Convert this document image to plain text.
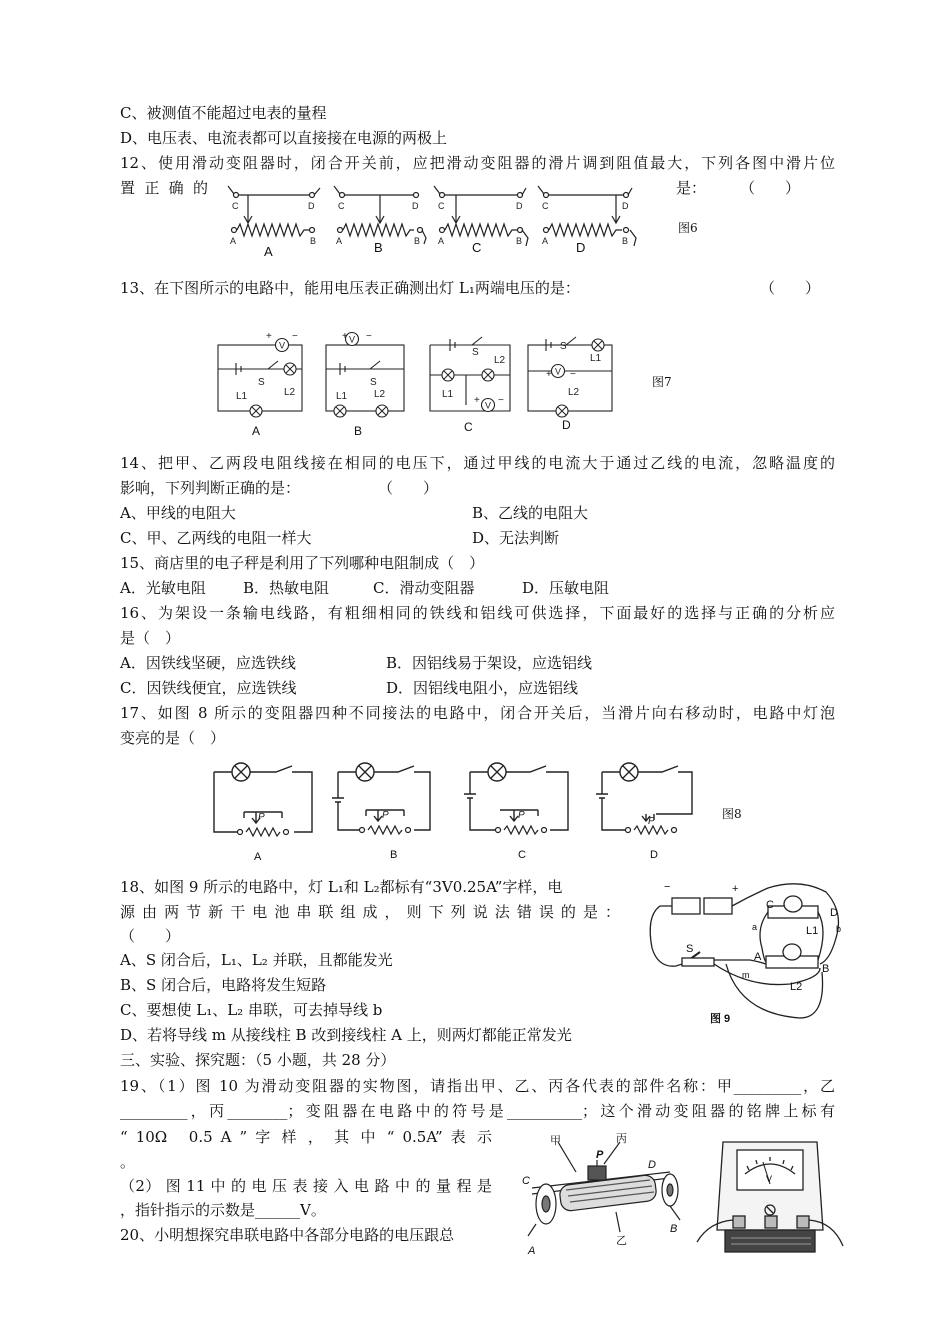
C、被测值不能超过电表的量程
D、电压表、电流表都可以直接接在电源的两极上
12、使用滑动变阻器时，闭合开关前，应把滑动变阻器的滑片调到阻值最大，下列各图中滑片位
置 正 确 的	是： （　　）
C	D
A	B
C	D
A	B
C	D
A	B
C	D
A	B
A	B	C	D
图6
13、在下图所示的电路中，能用电压表正确测出灯 L₁两端电压的是：	（　　）
V
+ −
S
L1	L2
+ −
S
L1	L2
S
L2
L1
+ −
S
L1
+ −
L2
A	B	C	D
图7
14、把甲、乙两段电阻线接在相同的电压下，通过甲线的电流大于通过乙线的电流，忽略温度的
影响，下列判断正确的是：	（　　）
A、甲线的电阻大	B、乙线的电阻大
C、甲、乙两线的电阻一样大	D、无法判断
15、商店里的电子秤是利用了下列哪种电阻制成（　）
A．光敏电阻 B．热敏电阻	C．滑动变阻器	D．压敏电阻
16、为架设一条输电线路，有粗细相同的铁线和铝线可供选择，下面最好的选择与正确的分析应
是（　）
A．因铁线坚硬，应选铁线	B．因铝线易于架设，应选铝线
C．因铁线便宜，应选铁线	D．因铝线电阻小，应选铝线
17、如图 8 所示的变阻器四种不同接法的电路中，闭合开关后，当滑片向右移动时，电路中灯泡
变亮的是（　）
P	P	P
P
A	B	C	D
图8
18、如图 9 所示的电路中，灯 L₁和 L₂都标有“3V0.25A”字样，电
源 由 两 节 新 干 电 池 串 联 组 成 ， 则 下 列 说 法 错 误 的 是 ：
（　　）
A、S 闭合后，L₁、L₂ 并联，且都能发光
B、S 闭合后，电路将发生短路
C、要想使 L₁、L₂ 串联，可去掉导线 b
D、若将导线 m 从接线柱 B 改到接线柱 A 上，则两灯都能正常发光
−	+
C
D
A
B
S
L1
L2
a	b
m
图 9
三、实验、探究题：（5 小题，共 28 分）
19、（1）图 10 为滑动变阻器的实物图，请指出甲、乙、丙各代表的部件名称：甲_________，乙
_________，丙________；变阻器在电路中的符号是__________；这个滑动变阻器的铭牌上标有
“ 10Ω　0.5 A ” 字 样 ， 其 中 “ 0.5A” 表 示
。
（2） 图 11 中 的 电 压 表 接 入 电 路 中 的 量 程 是
，指针指示的示数是______V。
20、小明想探究串联电路中各部分电路的电压跟总
甲	丙
乙
C
P
D
A
B
V
